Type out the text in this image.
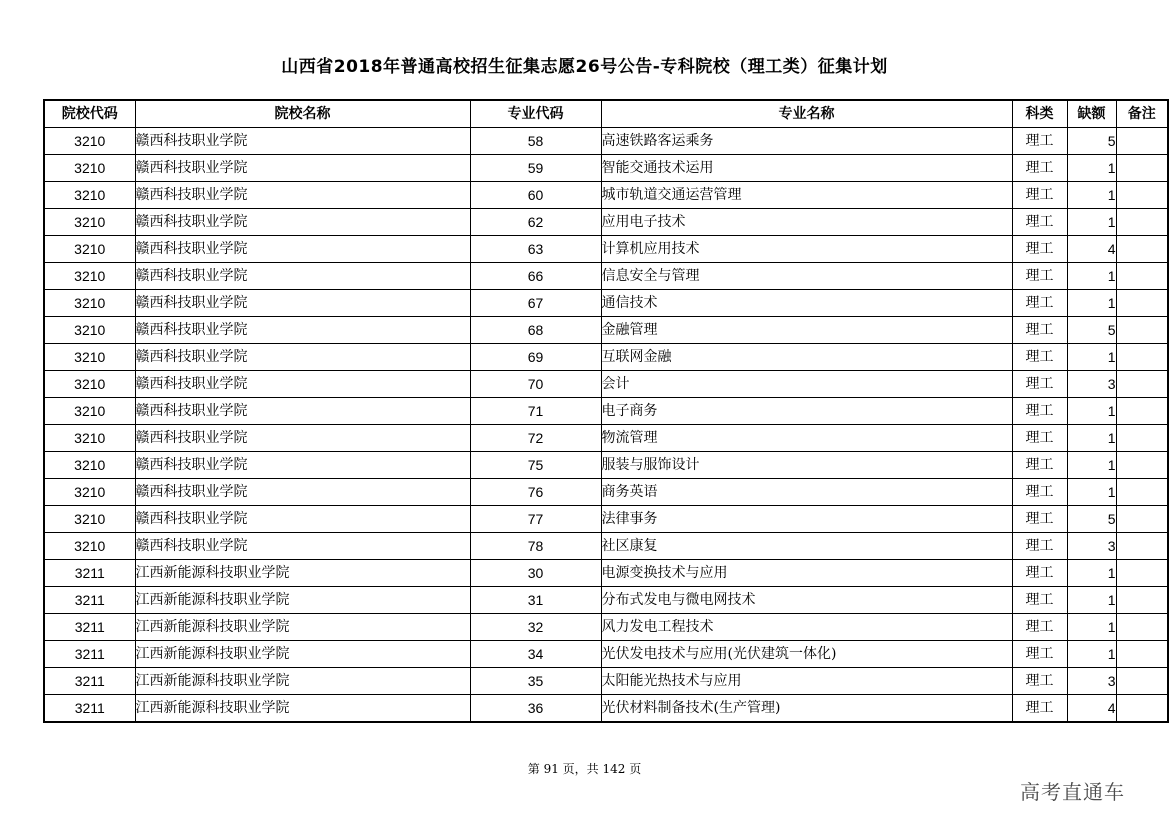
山西省2018年普通高校招生征集志愿26号公告-专科院校（理工类）征集计划
院校代码	院校名称	专业代码	专业名称	科类	缺额	备注
3210	赣西科技职业学院	58	高速铁路客运乘务	理工	5	
3210	赣西科技职业学院	59	智能交通技术运用	理工	1	
3210	赣西科技职业学院	60	城市轨道交通运营管理	理工	1	
3210	赣西科技职业学院	62	应用电子技术	理工	1	
3210	赣西科技职业学院	63	计算机应用技术	理工	4	
3210	赣西科技职业学院	66	信息安全与管理	理工	1	
3210	赣西科技职业学院	67	通信技术	理工	1	
3210	赣西科技职业学院	68	金融管理	理工	5	
3210	赣西科技职业学院	69	互联网金融	理工	1	
3210	赣西科技职业学院	70	会计	理工	3	
3210	赣西科技职业学院	71	电子商务	理工	1	
3210	赣西科技职业学院	72	物流管理	理工	1	
3210	赣西科技职业学院	75	服装与服饰设计	理工	1	
3210	赣西科技职业学院	76	商务英语	理工	1	
3210	赣西科技职业学院	77	法律事务	理工	5	
3210	赣西科技职业学院	78	社区康复	理工	3	
3211	江西新能源科技职业学院	30	电源变换技术与应用	理工	1	
3211	江西新能源科技职业学院	31	分布式发电与微电网技术	理工	1	
3211	江西新能源科技职业学院	32	风力发电工程技术	理工	1	
3211	江西新能源科技职业学院	34	光伏发电技术与应用(光伏建筑一体化)	理工	1	
3211	江西新能源科技职业学院	35	太阳能光热技术与应用	理工	3	
3211	江西新能源科技职业学院	36	光伏材料制备技术(生产管理)	理工	4	
第 91 页，共 142 页
高考直通车
